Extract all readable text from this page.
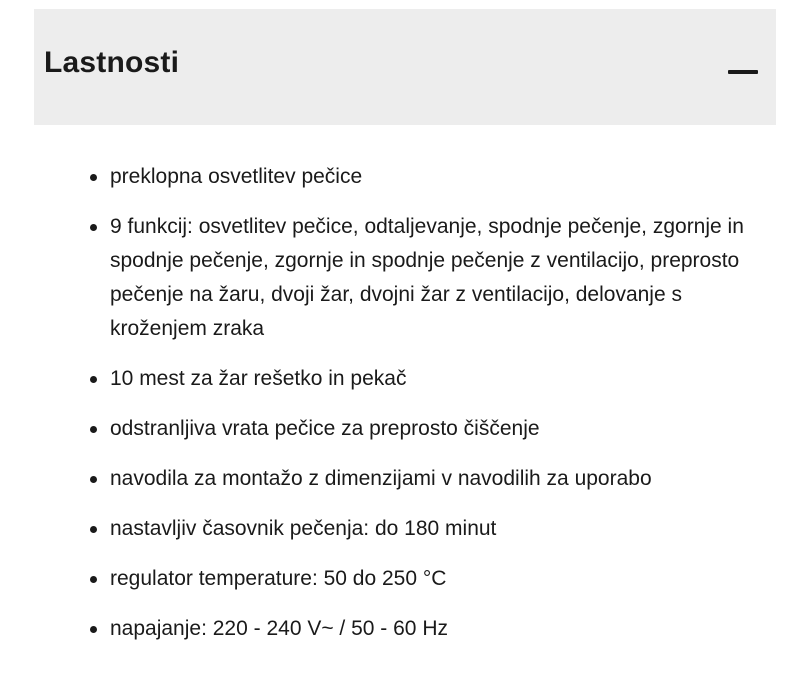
Lastnosti
preklopna osvetlitev pečice
9 funkcij: osvetlitev pečice, odtaljevanje, spodnje pečenje, zgornje in spodnje pečenje, zgornje in spodnje pečenje z ventilacijo, preprosto pečenje na žaru, dvoji žar, dvojni žar z ventilacijo, delovanje s kroženjem zraka
10 mest za žar rešetko in pekač
odstranljiva vrata pečice za preprosto čiščenje
navodila za montažo z dimenzijami v navodilih za uporabo
nastavljiv časovnik pečenja: do 180 minut
regulator temperature: 50 do 250 °C
napajanje: 220 - 240 V~ / 50 - 60 Hz
